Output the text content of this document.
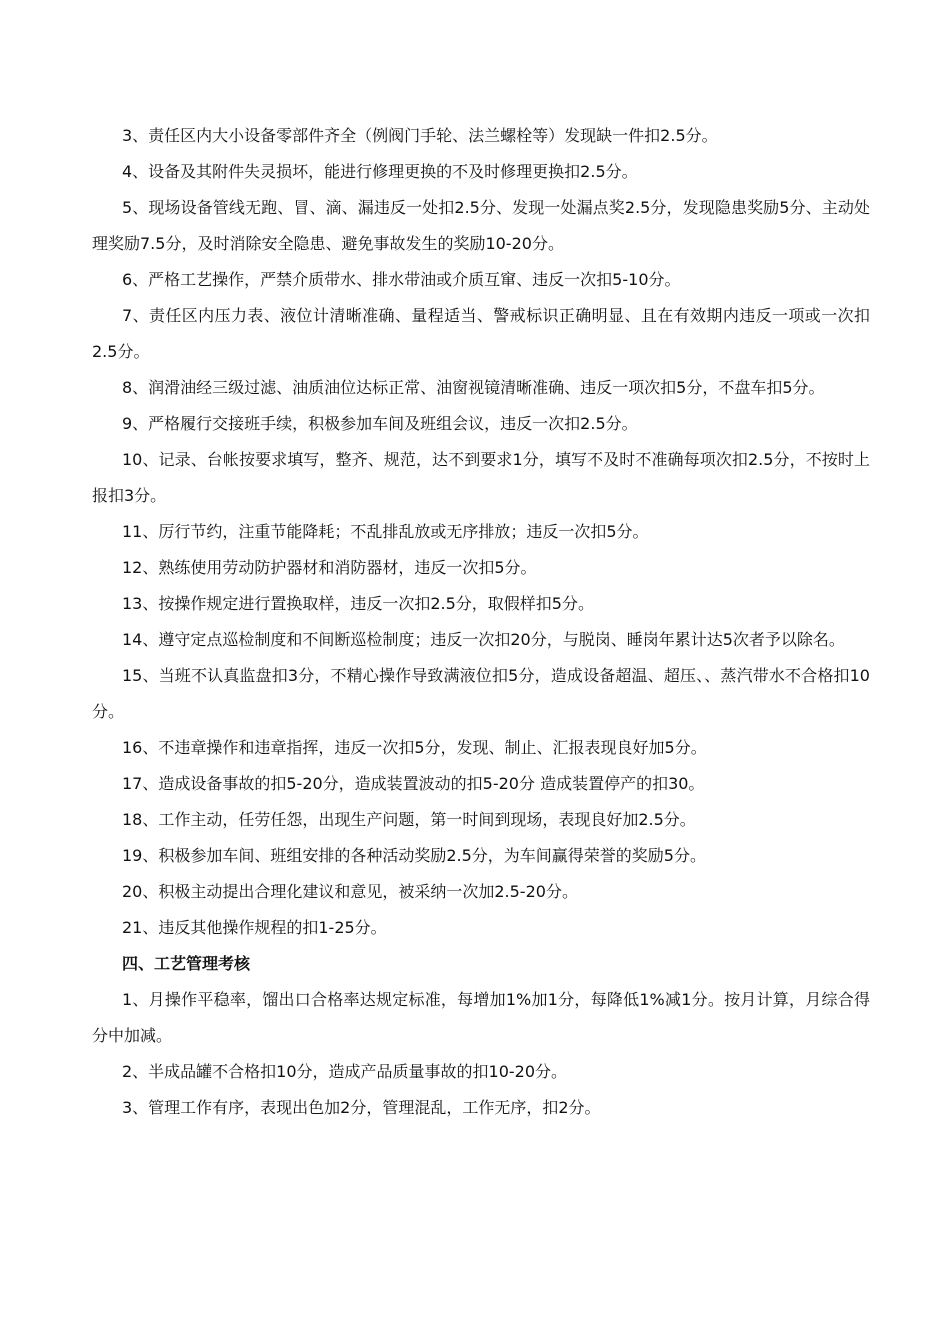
3、责任区内大小设备零部件齐全（例阀门手轮、法兰螺栓等）发现缺一件扣2.5分。

4、设备及其附件失灵损坏，能进行修理更换的不及时修理更换扣2.5分。

5、现场设备管线无跑、冒、滴、漏违反一处扣2.5分、发现一处漏点奖2.5分，发现隐患奖励5分、主动处理奖励7.5分，及时消除安全隐患、避免事故发生的奖励10-20分。

6、严格工艺操作，严禁介质带水、排水带油或介质互窜、违反一次扣5-10分。

7、责任区内压力表、液位计清晰准确、量程适当、警戒标识正确明显、且在有效期内违反一项或一次扣2.5分。

8、润滑油经三级过滤、油质油位达标正常、油窗视镜清晰准确、违反一项次扣5分，不盘车扣5分。

9、严格履行交接班手续，积极参加车间及班组会议，违反一次扣2.5分。

10、记录、台帐按要求填写，整齐、规范，达不到要求1分，填写不及时不准确每项次扣2.5分，不按时上报扣3分。

11、厉行节约，注重节能降耗；不乱排乱放或无序排放；违反一次扣5分。

12、熟练使用劳动防护器材和消防器材，违反一次扣5分。

13、按操作规定进行置换取样，违反一次扣2.5分，取假样扣5分。

14、遵守定点巡检制度和不间断巡检制度；违反一次扣20分，与脱岗、睡岗年累计达5次者予以除名。

15、当班不认真监盘扣3分，不精心操作导致满液位扣5分，造成设备超温、超压、、蒸汽带水不合格扣10分。

16、不违章操作和违章指挥，违反一次扣5分，发现、制止、汇报表现良好加5分。

17、造成设备事故的扣5-20分，造成装置波动的扣5-20分 造成装置停产的扣30。

18、工作主动，任劳任怨，出现生产问题，第一时间到现场，表现良好加2.5分。

19、积极参加车间、班组安排的各种活动奖励2.5分，为车间赢得荣誉的奖励5分。

20、积极主动提出合理化建议和意见，被采纳一次加2.5-20分。

21、违反其他操作规程的扣1-25分。

四、工艺管理考核

1、月操作平稳率，馏出口合格率达规定标准，每增加1%加1分，每降低1%减1分。按月计算，月综合得分中加减。

2、半成品罐不合格扣10分，造成产品质量事故的扣10-20分。

3、管理工作有序，表现出色加2分，管理混乱，工作无序，扣2分。
